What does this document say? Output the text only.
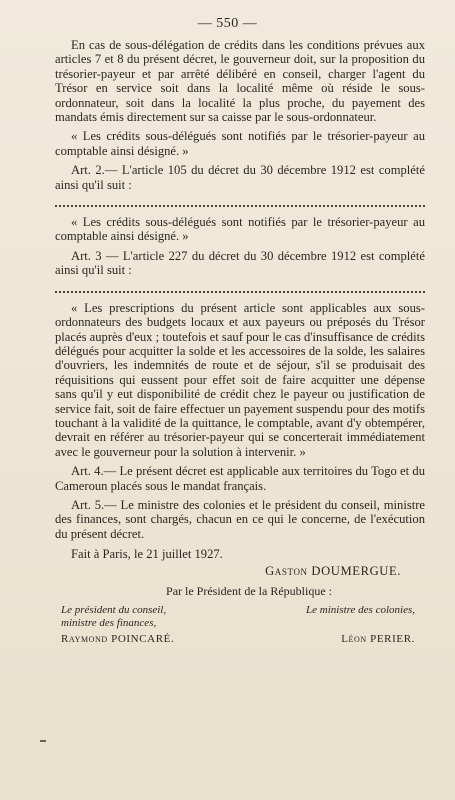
— 550 —

En cas de sous-délégation de crédits dans les conditions prévues aux articles 7 et 8 du présent décret, le gouverneur doit, sur la proposition du trésorier-payeur et par arrêté délibéré en conseil, charger l'agent du Trésor en service soit dans la localité même où réside le sous-ordonnateur, soit dans la localité la plus proche, du payement des mandats émis directement sur sa caisse par le sous-ordonnateur.

« Les crédits sous-délégués sont notifiés par le trésorier-payeur au comptable ainsi désigné. »

Art. 2.— L'article 105 du décret du 30 décembre 1912 est complété ainsi qu'il suit :

« Les crédits sous-délégués sont notifiés par le trésorier-payeur au comptable ainsi désigné. »

Art. 3 — L'article 227 du décret du 30 décembre 1912 est complété ainsi qu'il suit :

« Les prescriptions du présent article sont applicables aux sous-ordonnateurs des budgets locaux et aux payeurs ou préposés du Trésor placés auprès d'eux ; toutefois et sauf pour le cas d'insuffisance de crédits délégués pour acquitter la solde et les accessoires de la solde, les salaires d'ouvriers, les indemnités de route et de séjour, s'il se produisait des réquisitions qui eussent pour effet soit de faire acquitter une dépense sans qu'il y eut disponibilité de crédit chez le payeur ou justification de service fait, soit de faire effectuer un payement suspendu pour des motifs touchant à la validité de la quittance, le comptable, avant d'y obtempérer, devrait en référer au trésorier-payeur qui se concerterait immédiatement avec le gouverneur pour la solution à intervenir. »

Art. 4.— Le présent décret est applicable aux territoires du Togo et du Cameroun placés sous le mandat français.

Art. 5.— Le ministre des colonies et le président du conseil, ministre des finances, sont chargés, chacun en ce qui le concerne, de l'exécution du présent décret.

Fait à Paris, le 21 juillet 1927.

Gaston DOUMERGUE.

Par le Président de la République :

Le président du conseil,
ministre des finances,
Raymond POINCARÉ.
Le ministre des colonies,

Léon PERIER.
